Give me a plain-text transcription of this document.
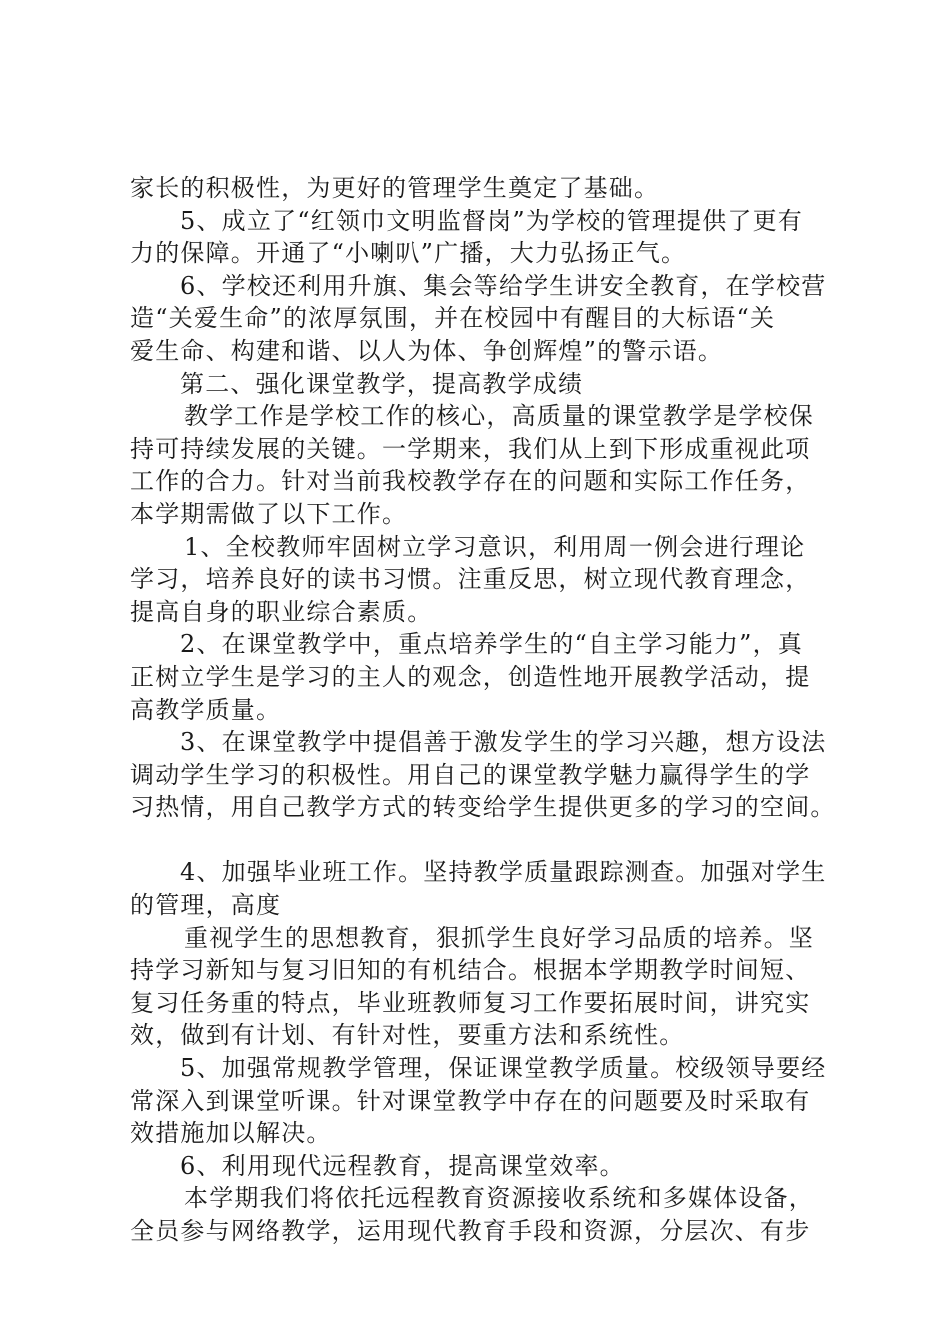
家长的积极性，为更好的管理学生奠定了基础。
5、成立了“红领巾文明监督岗”为学校的管理提供了更有
力的保障。开通了“小喇叭”广播，大力弘扬正气。
6、学校还利用升旗、集会等给学生讲安全教育，在学校营
造“关爱生命”的浓厚氛围，并在校园中有醒目的大标语“关
爱生命、构建和谐、以人为体、争创辉煌”的警示语。
第二、强化课堂教学，提高教学成绩
教学工作是学校工作的核心，高质量的课堂教学是学校保
持可持续发展的关键。一学期来，我们从上到下形成重视此项
工作的合力。针对当前我校教学存在的问题和实际工作任务，
本学期需做了以下工作。
1、全校教师牢固树立学习意识，利用周一例会进行理论
学习，培养良好的读书习惯。注重反思，树立现代教育理念，
提高自身的职业综合素质。
2、在课堂教学中，重点培养学生的“自主学习能力”，真
正树立学生是学习的主人的观念，创造性地开展教学活动，提
高教学质量。
3、在课堂教学中提倡善于激发学生的学习兴趣，想方设法
调动学生学习的积极性。用自己的课堂教学魅力赢得学生的学
习热情，用自己教学方式的转变给学生提供更多的学习的空间。
4、加强毕业班工作。坚持教学质量跟踪测查。加强对学生
的管理，高度
重视学生的思想教育，狠抓学生良好学习品质的培养。坚
持学习新知与复习旧知的有机结合。根据本学期教学时间短、
复习任务重的特点，毕业班教师复习工作要拓展时间，讲究实
效，做到有计划、有针对性，要重方法和系统性。
5、加强常规教学管理，保证课堂教学质量。校级领导要经
常深入到课堂听课。针对课堂教学中存在的问题要及时采取有
效措施加以解决。
6、利用现代远程教育，提高课堂效率。
本学期我们将依托远程教育资源接收系统和多媒体设备，
全员参与网络教学，运用现代教育手段和资源，分层次、有步
